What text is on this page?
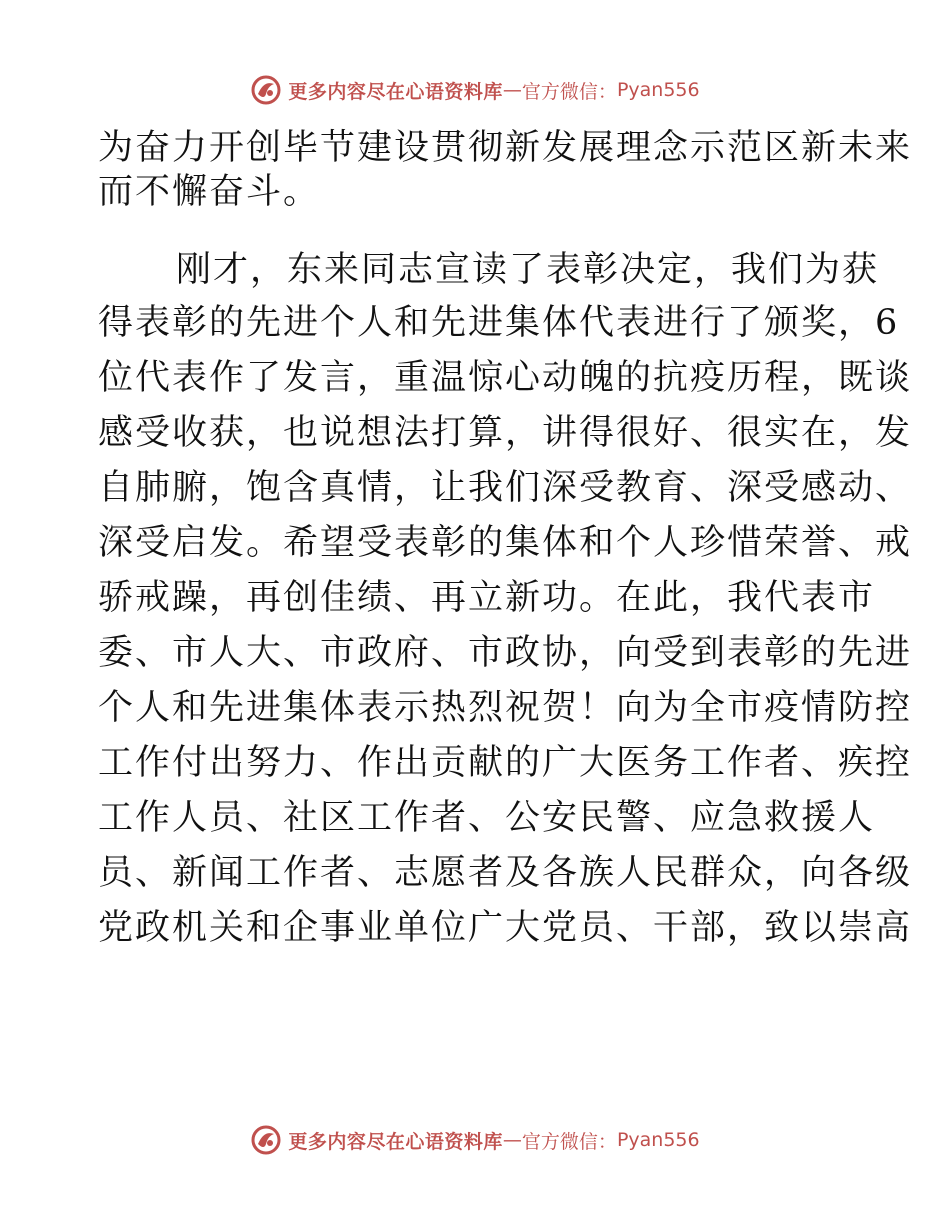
更多内容尽在心语资料库 — 官方微信： Pyan556
为奋力开创毕节建设贯彻新发展理念示范区新未来
而不懈奋斗。
刚才，东来同志宣读了表彰决定，我们为获
得表彰的先进个人和先进集体代表进行了颁奖，6
位代表作了发言，重温惊心动魄的抗疫历程，既谈
感受收获，也说想法打算，讲得很好、很实在，发
自肺腑，饱含真情，让我们深受教育、深受感动、
深受启发。希望受表彰的集体和个人珍惜荣誉、戒
骄戒躁，再创佳绩、再立新功。在此，我代表市
委、市人大、市政府、市政协，向受到表彰的先进
个人和先进集体表示热烈祝贺！向为全市疫情防控
工作付出努力、作出贡献的广大医务工作者、疾控
工作人员、社区工作者、公安民警、应急救援人
员、新闻工作者、志愿者及各族人民群众，向各级
党政机关和企事业单位广大党员、干部，致以崇高
更多内容尽在心语资料库 — 官方微信： Pyan556
